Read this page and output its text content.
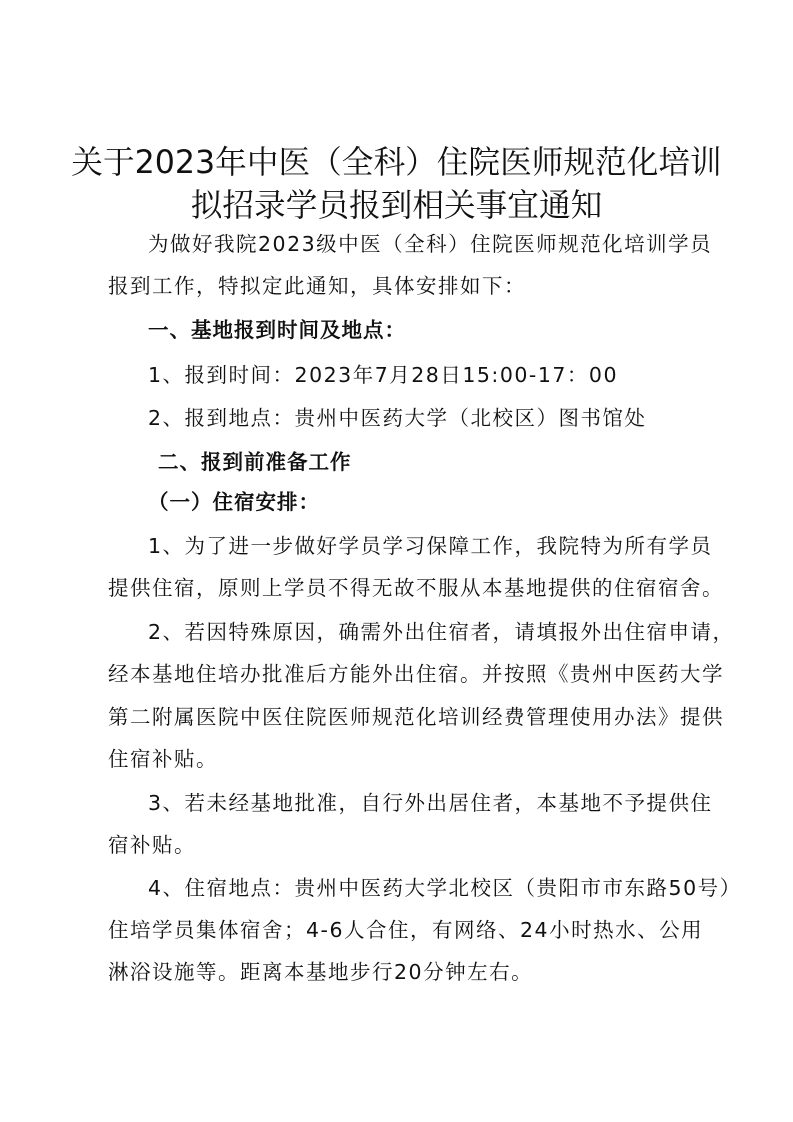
关于2023年中医（全科）住院医师规范化培训
拟招录学员报到相关事宜通知
为做好我院2023级中医（全科）住院医师规范化培训学员
报到工作，特拟定此通知，具体安排如下：
一、基地报到时间及地点：
1、报到时间：2023年7月28日15:00-17：00
2、报到地点：贵州中医药大学（北校区）图书馆处
二、报到前准备工作
（一）住宿安排：
1、为了进一步做好学员学习保障工作，我院特为所有学员
提供住宿，原则上学员不得无故不服从本基地提供的住宿宿舍。
2、若因特殊原因，确需外出住宿者，请填报外出住宿申请，
经本基地住培办批准后方能外出住宿。并按照《贵州中医药大学
第二附属医院中医住院医师规范化培训经费管理使用办法》提供
住宿补贴。
3、若未经基地批准，自行外出居住者，本基地不予提供住
宿补贴。
4、住宿地点：贵州中医药大学北校区（贵阳市市东路50号）
住培学员集体宿舍；4-6人合住，有网络、24小时热水、公用
淋浴设施等。距离本基地步行20分钟左右。
